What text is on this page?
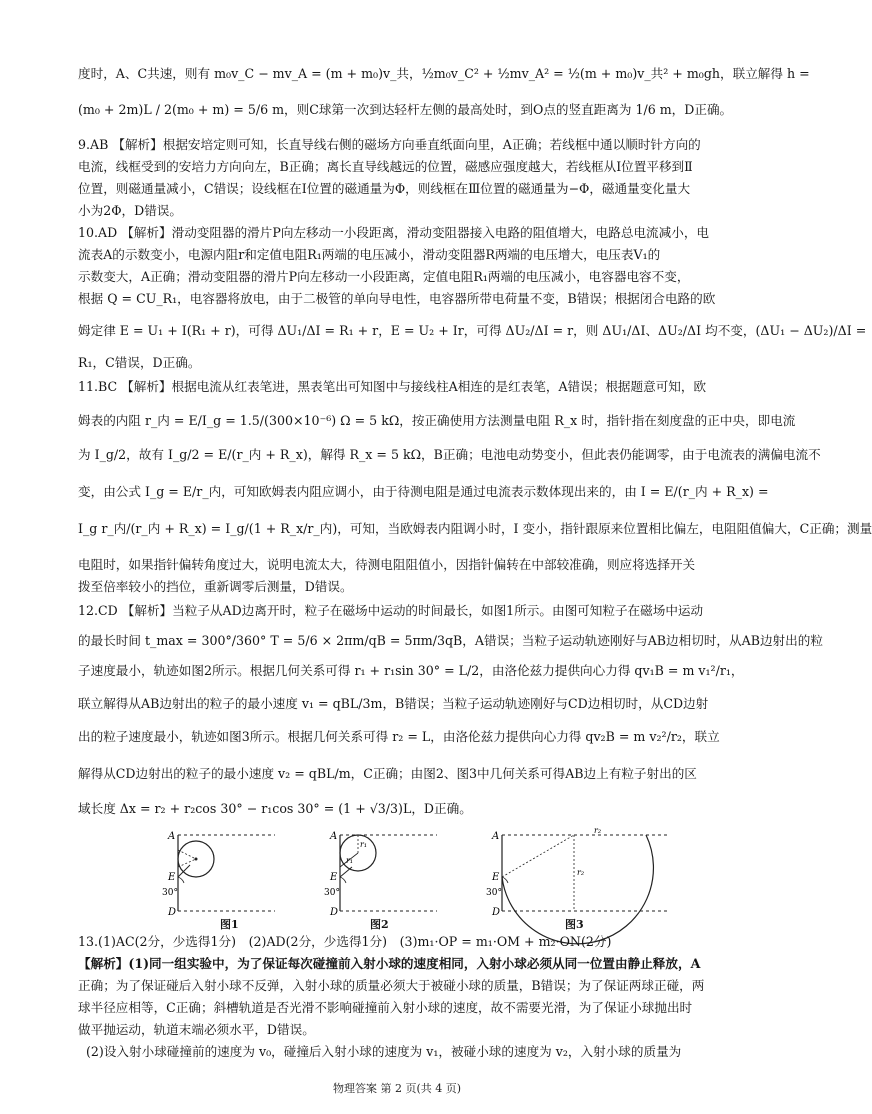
度时，A、C共速，则有 m₀v_C − mv_A = (m + m₀)v_共，½m₀v_C² + ½mv_A² = ½(m + m₀)v_共² + m₀gh，联立解得 h =
(m₀ + 2m)L / 2(m₀ + m) = 5/6 m，则C球第一次到达轻杆左侧的最高处时，到O点的竖直距离为 1/6 m，D正确。
9.AB 【解析】根据安培定则可知，长直导线右侧的磁场方向垂直纸面向里，A正确；若线框中通以顺时针方向的
电流，线框受到的安培力方向向左，B正确；离长直导线越远的位置，磁感应强度越大，若线框从Ⅰ位置平移到Ⅱ
位置，则磁通量减小，C错误；设线框在Ⅰ位置的磁通量为Φ，则线框在Ⅲ位置的磁通量为−Φ，磁通量变化量大
小为2Φ，D错误。
10.AD 【解析】滑动变阻器的滑片P向左移动一小段距离，滑动变阻器接入电路的阻值增大，电路总电流减小，电
流表A的示数变小，电源内阻r和定值电阻R₁两端的电压减小，滑动变阻器R两端的电压增大，电压表V₁的
示数变大，A正确；滑动变阻器的滑片P向左移动一小段距离，定值电阻R₁两端的电压减小，电容器电容不变，
根据 Q = CU_R₁，电容器将放电，由于二极管的单向导电性，电容器所带电荷量不变，B错误；根据闭合电路的欧
姆定律 E = U₁ + I(R₁ + r)，可得 ΔU₁/ΔI = R₁ + r，E = U₂ + Ir，可得 ΔU₂/ΔI = r，则 ΔU₁/ΔI、ΔU₂/ΔI 均不变，(ΔU₁ − ΔU₂)/ΔI =
R₁，C错误，D正确。
11.BC 【解析】根据电流从红表笔进，黑表笔出可知图中与接线柱A相连的是红表笔，A错误；根据题意可知，欧
姆表的内阻 r_内 = E/I_g = 1.5/(300×10⁻⁶) Ω = 5 kΩ，按正确使用方法测量电阻 R_x 时，指针指在刻度盘的正中央，即电流
为 I_g/2，故有 I_g/2 = E/(r_内 + R_x)，解得 R_x = 5 kΩ，B正确；电池电动势变小，但此表仍能调零，由于电流表的满偏电流不
变，由公式 I_g = E/r_内，可知欧姆表内阻应调小，由于待测电阻是通过电流表示数体现出来的，由 I = E/(r_内 + R_x) =
I_g r_内/(r_内 + R_x) = I_g/(1 + R_x/r_内)，可知，当欧姆表内阻调小时，I 变小，指针跟原来位置相比偏左，电阻阻值偏大，C正确；测量
电阻时，如果指针偏转角度过大，说明电流太大，待测电阻阻值小，因指针偏转在中部较准确，则应将选择开关
拨至倍率较小的挡位，重新调零后测量，D错误。
12.CD 【解析】当粒子从AD边离开时，粒子在磁场中运动的时间最长，如图1所示。由图可知粒子在磁场中运动
的最长时间 t_max = 300°/360° T = 5/6 × 2πm/qB = 5πm/3qB，A错误；当粒子运动轨迹刚好与AB边相切时，从AB边射出的粒
子速度最小，轨迹如图2所示。根据几何关系可得 r₁ + r₁sin 30° = L/2，由洛伦兹力提供向心力得 qv₁B = m v₁²/r₁，
联立解得从AB边射出的粒子的最小速度 v₁ = qBL/3m，B错误；当粒子运动轨迹刚好与CD边相切时，从CD边射
出的粒子速度最小，轨迹如图3所示。根据几何关系可得 r₂ = L，由洛伦兹力提供向心力得 qv₂B = m v₂²/r₂，联立
解得从CD边射出的粒子的最小速度 v₂ = qBL/m，C正确；由图2、图3中几何关系可得AB边上有粒子射出的区
域长度 Δx = r₂ + r₂cos 30° − r₁cos 30° = (1 + √3/3)L，D正确。
A
E
30°
D
图1
A
E
r₁
r₁
30°
D
图2
A
r₂
r₂
E
30°
D
图3
13.(1)AC(2分，少选得1分)　(2)AD(2分，少选得1分)　(3)m₁·OP = m₁·OM + m₂·ON(2分)
【解析】(1)同一组实验中，为了保证每次碰撞前入射小球的速度相同，入射小球必须从同一位置由静止释放，A
正确；为了保证碰后入射小球不反弹，入射小球的质量必须大于被碰小球的质量，B错误；为了保证两球正碰，两
球半径应相等，C正确；斜槽轨道是否光滑不影响碰撞前入射小球的速度，故不需要光滑，为了保证小球抛出时
做平抛运动，轨道末端必须水平，D错误。
(2)设入射小球碰撞前的速度为 v₀，碰撞后入射小球的速度为 v₁，被碰小球的速度为 v₂，入射小球的质量为
物理答案 第 2 页(共 4 页)
